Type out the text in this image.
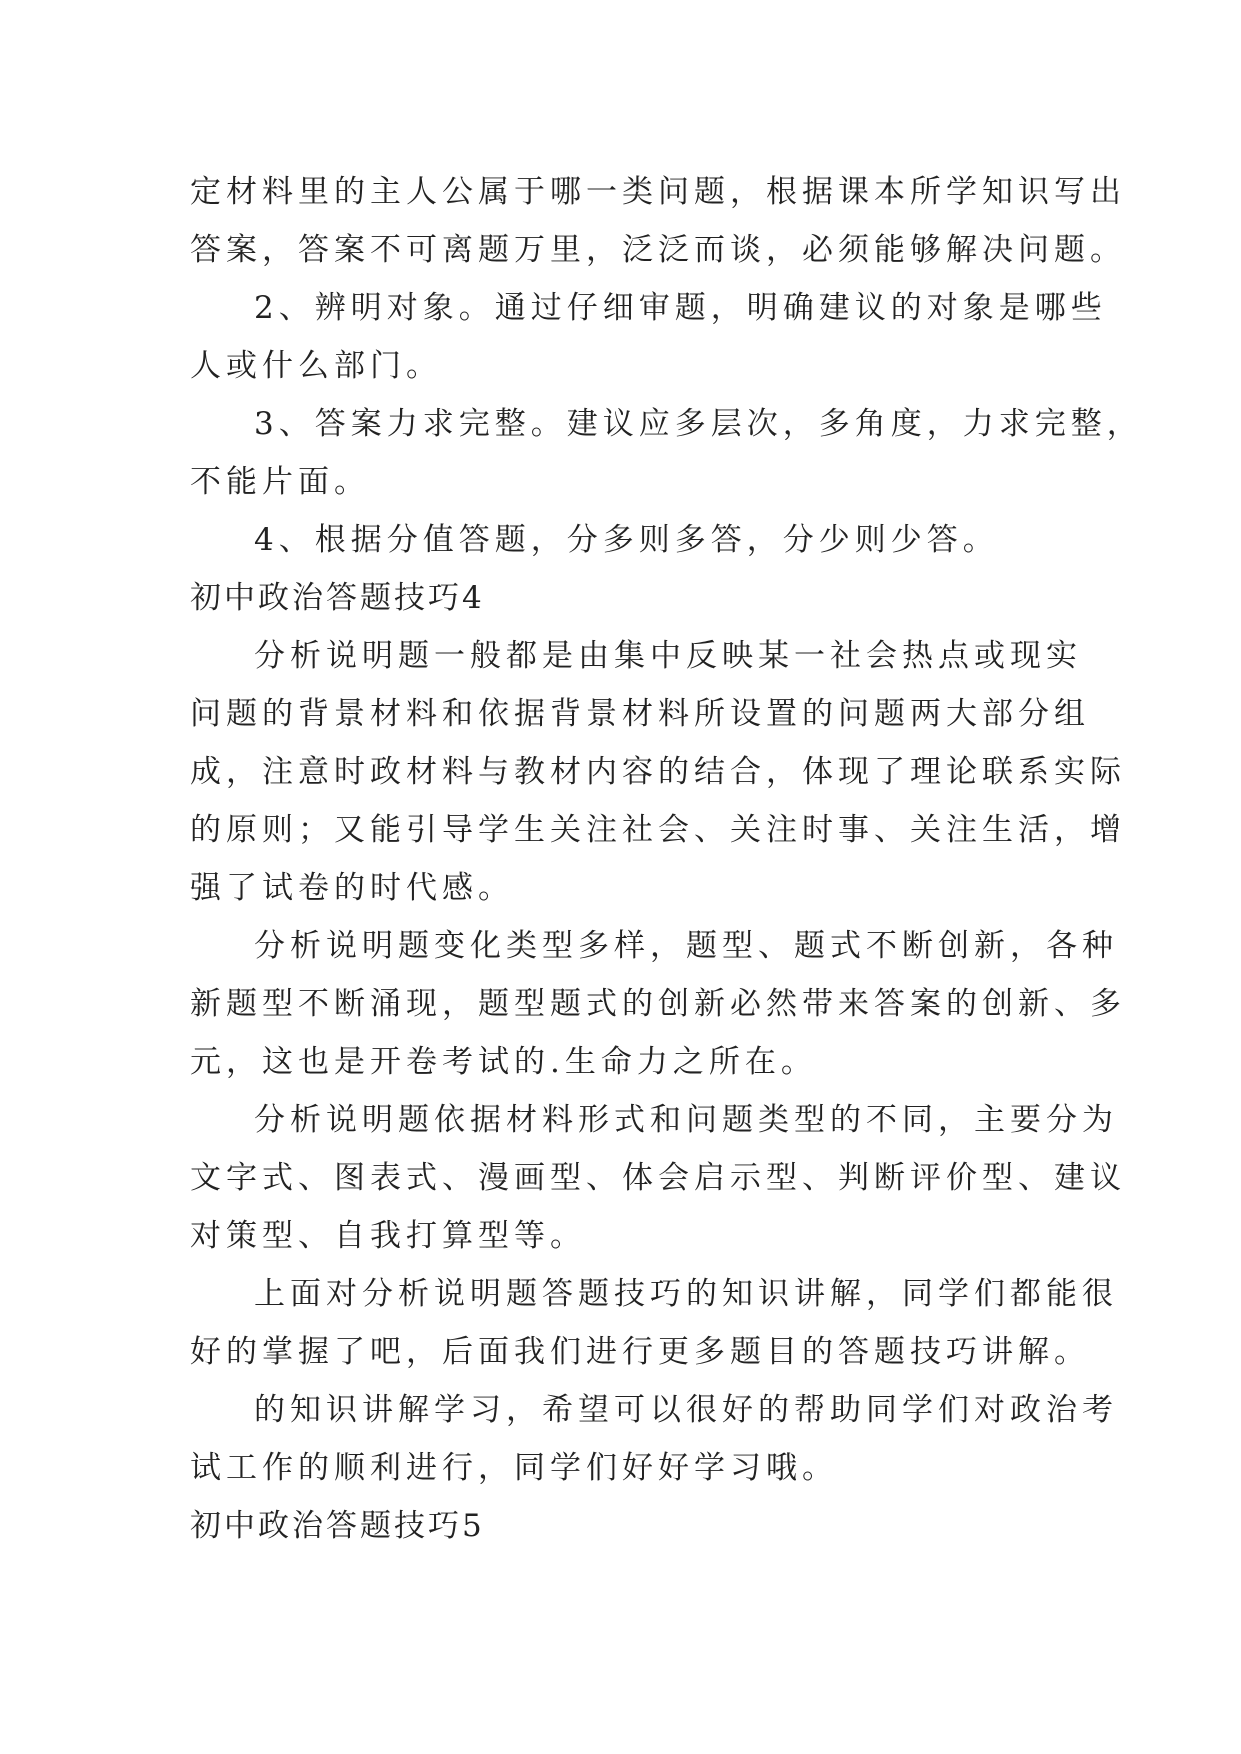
定材料里的主人公属于哪一类问题，根据课本所学知识写出
答案，答案不可离题万里，泛泛而谈，必须能够解决问题。
2、辨明对象。通过仔细审题，明确建议的对象是哪些
人或什么部门。
3、答案力求完整。建议应多层次，多角度，力求完整，
不能片面。
4、根据分值答题，分多则多答，分少则少答。
初中政治答题技巧4
分析说明题一般都是由集中反映某一社会热点或现实
问题的背景材料和依据背景材料所设置的问题两大部分组
成，注意时政材料与教材内容的结合，体现了理论联系实际
的原则；又能引导学生关注社会、关注时事、关注生活，增
强了试卷的时代感。
分析说明题变化类型多样，题型、题式不断创新，各种
新题型不断涌现，题型题式的创新必然带来答案的创新、多
元，这也是开卷考试的.生命力之所在。
分析说明题依据材料形式和问题类型的不同，主要分为
文字式、图表式、漫画型、体会启示型、判断评价型、建议
对策型、自我打算型等。
上面对分析说明题答题技巧的知识讲解，同学们都能很
好的掌握了吧，后面我们进行更多题目的答题技巧讲解。
的知识讲解学习，希望可以很好的帮助同学们对政治考
试工作的顺利进行，同学们好好学习哦。
初中政治答题技巧5
